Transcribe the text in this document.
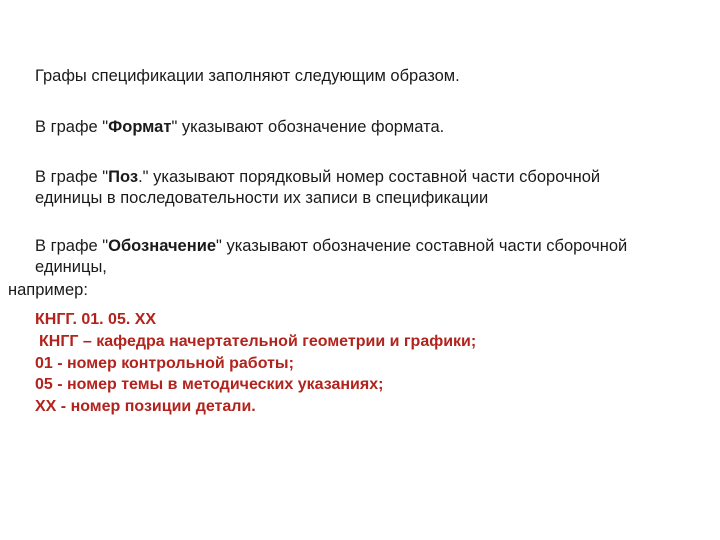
Графы спецификации заполняют следующим образом.

В графе "Формат" указывают обозначение формата.

В графе "Поз." указывают порядковый номер составной части сборочной
единицы в последовательности их записи в спецификации

В графе "Обозначение" указывают обозначение составной части сборочной
единицы,

например:

КНГГ. 01. 05. ХХ

КНГГ – кафедра начертательной геометрии и графики;
01 - номер контрольной работы;
05 - номер темы в методических указаниях;
ХХ - номер позиции детали.
